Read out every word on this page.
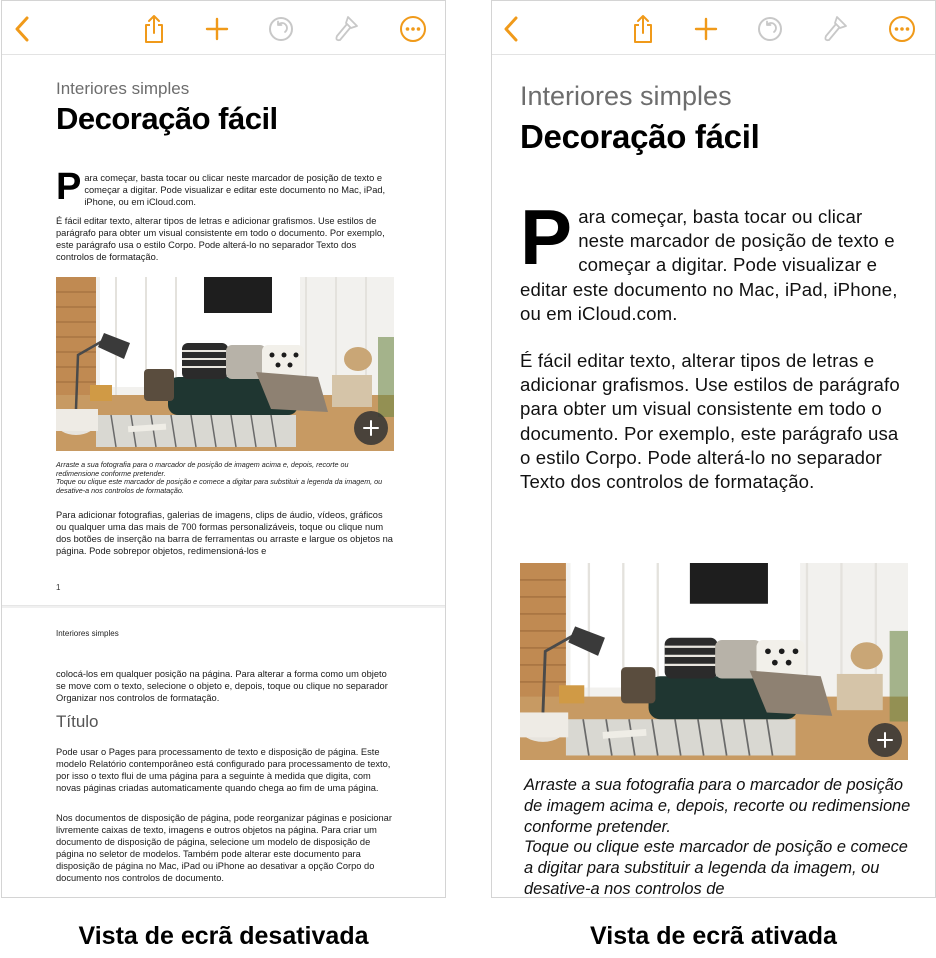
Interiores simples
Decoração fácil
P ara começar, basta tocar ou clicar neste marcador de posição de texto e começar a digitar. Pode visualizar e editar este documento no Mac, iPad, iPhone, ou em iCloud.com.
É fácil editar texto, alterar tipos de letras e adicionar grafismos. Use estilos de parágrafo para obter um visual consistente em todo o documento. Por exemplo, este parágrafo usa o estilo Corpo. Pode alterá-lo no separador Texto dos controlos de formatação.
Arraste a sua fotografia para o marcador de posição de imagem acima e, depois, recorte ou redimensione conforme pretender.
Toque ou clique este marcador de posição e comece a digitar para substituir a legenda da imagem, ou desative-a nos controlos de formatação.
Para adicionar fotografias, galerias de imagens, clips de áudio, vídeos, gráficos ou qualquer uma das mais de 700 formas personalizáveis, toque ou clique num dos botões de inserção na barra de ferramentas ou arraste e largue os objetos na página. Pode sobrepor objetos, redimensioná-los e
1
Interiores simples
colocá-los em qualquer posição na página. Para alterar a forma como um objeto se move com o texto, selecione o objeto e, depois, toque ou clique no separador Organizar nos controlos de formatação.
Título
Pode usar o Pages para processamento de texto e disposição de página. Este modelo Relatório contemporâneo está configurado para processamento de texto, por isso o texto flui de uma página para a seguinte à medida que digita, com novas páginas criadas automaticamente quando chega ao fim de uma página.
Nos documentos de disposição de página, pode reorganizar páginas e posicionar livremente caixas de texto, imagens e outros objetos na página. Para criar um documento de disposição de página, selecione um modelo de disposição de página no seletor de modelos. Também pode alterar este documento para disposição de página no Mac, iPad ou iPhone ao desativar a opção Corpo do documento nos controlos de documento.
Interiores simples
Decoração fácil
P ara começar, basta tocar ou clicar neste marcador de posição de texto e começar a digitar. Pode visualizar e editar este documento no Mac, iPad, iPhone, ou em iCloud.com.
É fácil editar texto, alterar tipos de letras e adicionar grafismos. Use estilos de parágrafo para obter um visual consistente em todo o documento. Por exemplo, este parágrafo usa o estilo Corpo. Pode alterá-lo no separador Texto dos controlos de formatação.
Arraste a sua fotografia para o marcador de posição de imagem acima e, depois, recorte ou redimensione conforme pretender.
Toque ou clique este marcador de posição e comece a digitar para substituir a legenda da imagem, ou desative-a nos controlos de
Vista de ecrã desativada	Vista de ecrã ativada
